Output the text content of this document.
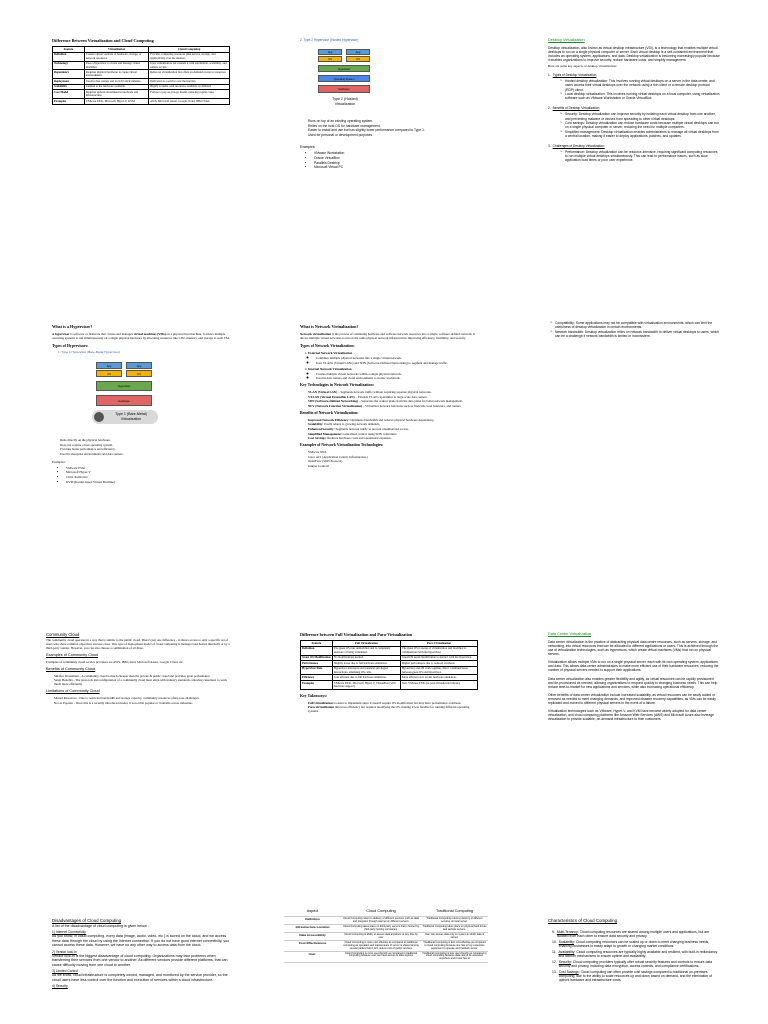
Difference Between Virtualization and Cloud Computing
Feature	Virtualization	Cloud Computing
Definition	Creates virtual versions of hardware, storage, or network resources.	Provides computing resources (like servers, storage, and applications) over the internet.
Technology	Uses a hypervisor to create and manage virtual machines.	Uses virtualization but extends it with automation, scalability, and remote access.
Dependency	Requires physical hardware to create virtual environments.	Relies on virtualization but offers on-demand access to resources.
Deployment	Used in data centers and local IT environments.	Delivered as a service over the internet.
Scalability	Limited to the hardware available.	Highly scalable with resources available on demand.
Cost Model	Requires upfront investment in hardware and infrastructure.	Follows a pay-as-you-go model, reducing capital costs.
Examples	VMware ESXi, Microsoft Hyper-V, KVM	AWS, Microsoft Azure, Google Cloud, IBM Cloud

2. Type 2 Hypervisor (Hosted Hypervisor)

App	App
OS	OS
Hypervisor
Operating System
Hardware
Type 2 (Hosted)
Virtualization
• Runs on top of an existing operating system.
• Relies on the host OS for hardware management.
• Easier to install and use but has slightly lower performance compared to Type 1.
• Used for personal or development purposes.

Examples:

• VMware Workstation
• Oracle VirtualBox
• Parallels Desktop
• Microsoft Virtual PC

Desktop Virtualization

Desktop virtualization, also known as virtual desktop infrastructure (VDI), is a technology that enables multiple virtual desktops to run on a single physical computer or server. Each virtual desktop is a self-contained environment that includes an operating system, applications, and data. Desktop virtualization is becoming increasingly popular because it enables organizations to improve security, reduce hardware costs, and simplify management.

Here are some key aspects of desktop virtualization:

1. Types of Desktop Virtualization
➢ Hosted desktop virtualization: This involves running virtual desktops on a server in the data center, and users access their virtual desktops over the network using a thin client or a remote desktop protocol (RDP) client.
➢ Local desktop virtualization: This involves running virtual desktops on a local computer, using virtualization software such as VMware Workstation or Oracle VirtualBox.
2. Benefits of Desktop Virtualization
➢ Security: Desktop virtualization can improve security by isolating each virtual desktop from one another, and preventing malware or viruses from spreading to other virtual desktops.
➢ Cost savings: Desktop virtualization can reduce hardware costs because multiple virtual desktops can run on a single physical computer or server, reducing the need for multiple computers.
➢ Simplified management: Desktop virtualization enables administrators to manage all virtual desktops from a central location, making it easier to deploy applications, patches, and updates.
3. Challenges of Desktop Virtualization:
➢ Performance: Desktop virtualization can be resource-intensive, requiring significant computing resources to run multiple virtual desktops simultaneously. This can lead to performance issues, such as slow application load times or poor user experience.
What is a Hypervisor?

A hypervisor is software or firmware that creates and manages virtual machines (VMs) on a physical host machine. It allows multiple operating systems to run simultaneously on a single physical hardware by allocating resources like CPU, memory, and storage to each VM.

Types of Hypervisors:

1. Type 1 Hypervisor (Bare-Metal Hypervisor)

App	App
OS	OS
Hypervisor
Hardware
Type 1 (Bare-Metal)
Virtualization
• Runs directly on the physical hardware.
• Does not require a host operating system.
• Provides better performance and efficiency.
• Used in enterprise environments and data centers.

Examples:

• VMware ESXi
• Microsoft Hyper-V
• Citrix XenServer
• KVM (Kernel-based Virtual Machine)
What is Network Virtualization?

Network virtualization is the process of combining hardware and software network resources into a single, software-defined network. It allows multiple virtual networks to run on the same physical network infrastructure, improving efficiency, flexibility, and security.

Types of Network Virtualization:
1. External Network Virtualization
◦ Combines multiple physical networks into a single virtual network.
◦ Uses VLANs (Virtual LANs) and SDN (Software-Defined Networking) to segment and manage traffic.
2. Internal Network Virtualization
◦ Creates multiple virtual networks within a single physical network.
◦ Used in data centers and cloud environments to isolate workloads.
Key Technologies in Network Virtualization:
• VLAN (Virtual LAN) – Segments network traffic without requiring separate physical networks.
• VXLAN (Virtual Extensible LAN) – Extends VLAN capabilities to large-scale data centers.
• SDN (Software-Defined Networking) – Separates the control plane from the data plane for better network management.
• NFV (Network Function Virtualization) – Virtualizes network functions such as firewalls, load balancers, and routers.
Benefits of Network Virtualization:
• Improved Network Efficiency: Optimizes bandwidth and reduces physical hardware dependency.
• Scalability: Easily adapts to growing network demands.
• Enhanced Security: Segments network traffic to prevent unauthorized access.
• Simplified Management: Centralized control using SDN controllers.
• Cost Savings: Reduces hardware costs and operational expenses.
Examples of Network Virtualization Technologies:
• VMware NSX
• Cisco ACI (Application Centric Infrastructure)
• OpenFlow (SDN Protocol)
• Juniper Contrail
➢ Compatibility: Some applications may not be compatible with virtualization environments, which can limit the usefulness of desktop virtualization in certain environments.
➢ Network bandwidth: Desktop virtualization relies on network bandwidth to deliver virtual desktops to users, which can be a challenge if network bandwidth is limited or inconsistent.

Community Cloud

The community cloud operates in a way that is similar to the public cloud. There's just one difference - it allows access to only a specific set of users who share common objectives and use cases. This type of deployment model of cloud computing is managed and hosted internally or by a third-party vendor. However, you can also choose a combination of all three.

Examples of Community Cloud

Examples of community cloud service providers are AWS, IBM cloud, Microsoft Azure, Google Cloud, etc.

Benefits of Community Cloud

• Smaller Investment - A community cloud is much cheaper than the private & public cloud and provides great performance
• Setup Benefits - The protocols and configuration of a community cloud must align with industry standards, allowing customers to work much more efficiently

Limitations of Community Cloud

• Shared Resources - Due to restricted bandwidth and storage capacity, community resources often pose challenges.
• Not as Popular - Since this is a recently introduced model, it is not that popular or available across industries
Difference between Full Virtualization and Para-Virtualization
Feature	Full Virtualization	Para-Virtualization
Definition	The guest OS runs unmodified and is completely unaware of being virtualized.	The guest OS is aware of virtualization and modified to communicate with the hypervisor.
Guest OS Modification	No modifications needed.	Guest OS needs modification to interact with the hypervisor.
Performance	Slightly lower due to full hardware emulation.	Higher performance due to reduced overhead.
Hypervisor Role	Hypervisor intercepts and translates privileged instructions, emulating OS calls.	Hypervisor and OS work together, direct communication between guest OS and hypervisor.
Efficiency	Less efficient due to full hardware emulation.	More efficient as it avoids hardware emulation.
Examples	VMware ESXi, Microsoft Hyper-V, VirtualBox (with hardware support).	Xen, VMware ESXi (in para-virtualization mode).
Key Takeaways:
• Full virtualization is easier to implement since it doesn't require OS modification but may have performance overhead.
• Para-virtualization improves efficiency but requires modifying the OS, making it less flexible for running different operating systems.

Data Center Virtualization

Data center virtualization is the practice of abstracting physical data centre resources, such as servers, storage, and networking, into virtual resources that can be allocated to different applications or users. This is achieved through the use of virtualization technologies, such as hypervisors, which create virtual machines (VMs) that run on physical servers.

Virtualization allows multiple VMs to run on a single physical server, each with its own operating system, applications, and data. This allows data centre administrators to make more efficient use of their hardware resources, reducing the number of physical servers needed to support their applications.

Data center virtualization also enables greater flexibility and agility, as virtual resources can be rapidly provisioned and de-provisioned as needed, allowing organizations to respond quickly to changing business needs. This can help reduce time-to-market for new applications and services, while also increasing operational efficiency.

Other benefits of data center virtualization include increased scalability, as virtual resources can be easily added or removed as needed to meet changing demands, and improved disaster recovery capabilities, as VMs can be easily replicated and moved to different physical servers in the event of a failure.

Virtualization technologies such as VMware, Hyper-V, and KVM have become widely adopted for data center virtualization, and cloud computing platforms like Amazon Web Services (AWS) and Microsoft Azure also leverage virtualization to provide scalable, on-demand infrastructure to their customers.

Disadvantages of Cloud Computing

A list of the disadvantage of cloud computing is given below -

1) Internet Connectivity

As you know, in cloud computing, every data (image, audio, video, etc.) is stored on the cloud, and we access these data through the cloud by using the internet connection. If you do not have good internet connectivity, you cannot access these data. However, we have no any other way to access data from the cloud.

2) Vendor lock-in

Vendor lock-in is the biggest disadvantage of cloud computing. Organizations may face problems when transferring their services from one vendor to another. As different vendors provide different platforms, that can cause difficulty moving from one cloud to another.

3) Limited Control

As we know, cloud infrastructure is completely owned, managed, and monitored by the service provider, so the cloud users have less control over the function and execution of services within a cloud infrastructure.

4) Security

Aspect	Cloud Computing	Traditional Computing
Definition	Cloud Computing refers to delivery of different services such as data and programs through internet on different servers.	Traditional Computing refers to delivery of different services on local server.
Infrastructure Location	Cloud Computing takes place on third-party servers that is hosted by third-party hosting companies.	Traditional Computing takes place on physical hard drives and website servers.
Data Accessibility	Cloud Computing is ability to access data anywhere at any time by user.	User can access data only on system in which data is stored.
Cost Effectiveness	Cloud Computing is more cost effective as compared to traditional computing as operation and maintenance of server is shared among several parties that in turn reduce cost of public services.	Traditional Computing is less cost effective as compared to cloud computing because one has to buy expensive equipment to operate and maintain server.
User-	Cloud Computing is more user-friendly as compared to traditional computing because user can have access to data anytime	Traditional Computing is less user-friendly as compared to cloud computing because data cannot be accessed anywhere and if user has to

Characteristics of Cloud Computing

9. Multi-Tenancy: Cloud computing resources are shared among multiple users and applications, but are isolated from each other to ensure data security and privacy.
10. Scalability: Cloud computing resources can be scaled up or down to meet changing business needs, enabling businesses to easily adapt to growth or changing market conditions.
11. Availability: Cloud computing resources are typically highly available and resilient, with built-in redundancy and failover mechanisms to ensure uptime and availability.
12. Security: Cloud computing providers typically offer robust security features and controls to ensure data security and privacy, including data encryption, access controls, and compliance certifications.
13. Cost Savings: Cloud computing can often provide cost savings compared to traditional on-premises computing, due to the ability to scale resources up and down based on demand, and the elimination of upfront hardware and infrastructure costs.
